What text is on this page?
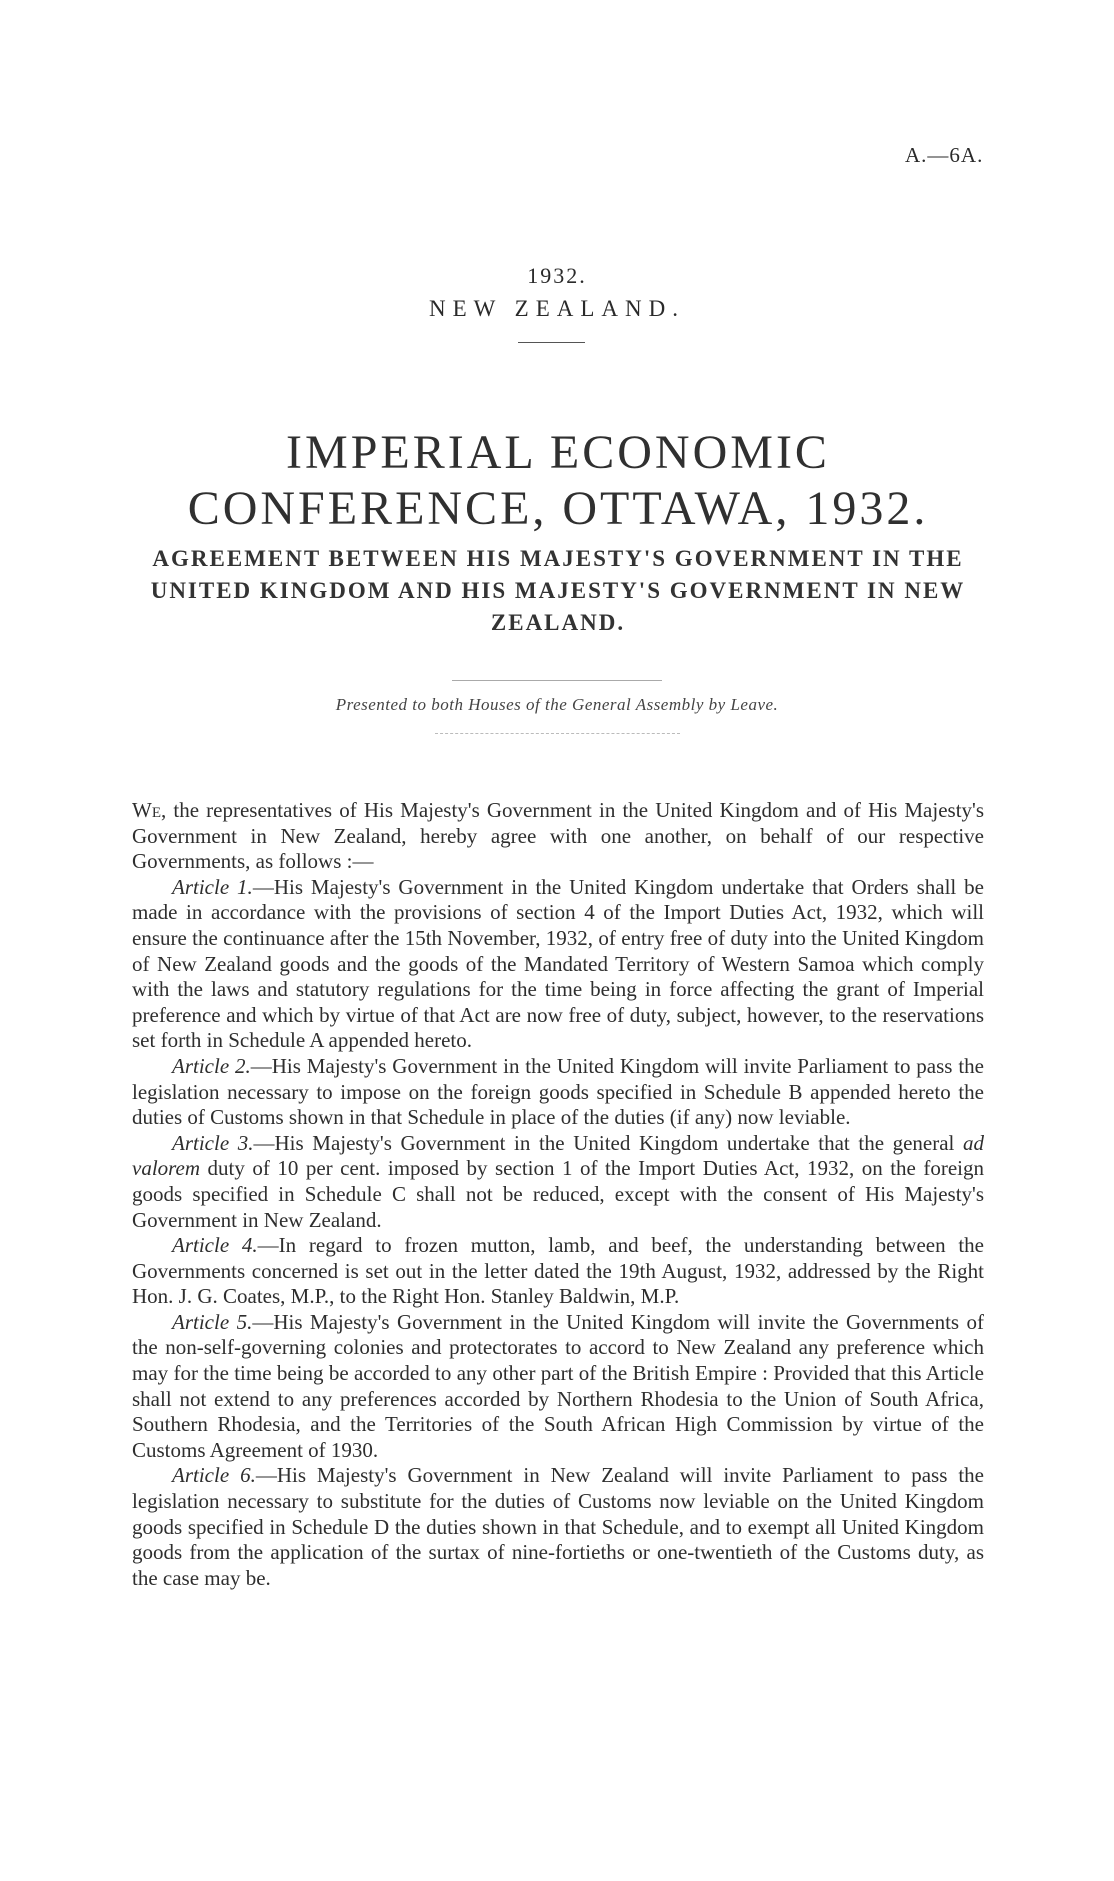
A.—6A.
1932.
NEW ZEALAND.
IMPERIAL ECONOMIC CONFERENCE, OTTAWA, 1932.
AGREEMENT BETWEEN HIS MAJESTY'S GOVERNMENT IN THE UNITED KINGDOM AND HIS MAJESTY'S GOVERNMENT IN NEW ZEALAND.
Presented to both Houses of the General Assembly by Leave.

We, the representatives of His Majesty's Government in the United Kingdom and of His Majesty's Government in New Zealand, hereby agree with one another, on behalf of our respective Governments, as follows :—

Article 1.—His Majesty's Government in the United Kingdom undertake that Orders shall be made in accordance with the provisions of section 4 of the Import Duties Act, 1932, which will ensure the continuance after the 15th November, 1932, of entry free of duty into the United Kingdom of New Zealand goods and the goods of the Mandated Territory of Western Samoa which comply with the laws and statutory regulations for the time being in force affecting the grant of Imperial preference and which by virtue of that Act are now free of duty, subject, however, to the reservations set forth in Schedule A appended hereto.

Article 2.—His Majesty's Government in the United Kingdom will invite Parliament to pass the legislation necessary to impose on the foreign goods specified in Schedule B appended hereto the duties of Customs shown in that Schedule in place of the duties (if any) now leviable.

Article 3.—His Majesty's Government in the United Kingdom undertake that the general ad valorem duty of 10 per cent. imposed by section 1 of the Import Duties Act, 1932, on the foreign goods specified in Schedule C shall not be reduced, except with the consent of His Majesty's Government in New Zealand.

Article 4.—In regard to frozen mutton, lamb, and beef, the understanding between the Governments concerned is set out in the letter dated the 19th August, 1932, addressed by the Right Hon. J. G. Coates, M.P., to the Right Hon. Stanley Baldwin, M.P.

Article 5.—His Majesty's Government in the United Kingdom will invite the Governments of the non-self-governing colonies and protectorates to accord to New Zealand any preference which may for the time being be accorded to any other part of the British Empire : Provided that this Article shall not extend to any preferences accorded by Northern Rhodesia to the Union of South Africa, Southern Rhodesia, and the Territories of the South African High Commission by virtue of the Customs Agreement of 1930.

Article 6.—His Majesty's Government in New Zealand will invite Parliament to pass the legislation necessary to substitute for the duties of Customs now leviable on the United Kingdom goods specified in Schedule D the duties shown in that Schedule, and to exempt all United Kingdom goods from the application of the surtax of nine-fortieths or one-twentieth of the Customs duty, as the case may be.
